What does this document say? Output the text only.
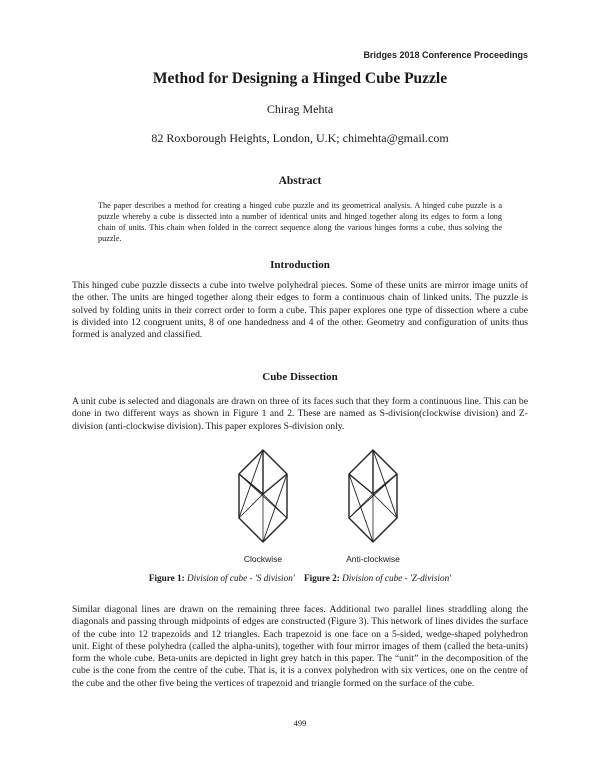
Bridges 2018 Conference Proceedings
Method for Designing a Hinged Cube Puzzle
Chirag Mehta
82 Roxborough Heights, London, U.K; chimehta@gmail.com
Abstract
The paper describes a method for creating a hinged cube puzzle and its geometrical analysis. A hinged cube puzzle is a puzzle whereby a cube is dissected into a number of identical units and hinged together along its edges to form a long chain of units. This chain when folded in the correct sequence along the various hinges forms a cube, thus solving the puzzle.
Introduction
This hinged cube puzzle dissects a cube into twelve polyhedral pieces. Some of these units are mirror image units of the other. The units are hinged together along their edges to form a continuous chain of linked units. The puzzle is solved by folding units in their correct order to form a cube. This paper explores one type of dissection where a cube is divided into 12 congruent units, 8 of one handedness and 4 of the other. Geometry and configuration of units thus formed is analyzed and classified.
Cube Dissection
A unit cube is selected and diagonals are drawn on three of its faces such that they form a continuous line. This can be done in two different ways as shown in Figure 1 and 2. These are named as S-division(clockwise division) and Z-division (anti-clockwise division). This paper explores S-division only.
Clockwise	Anti-clockwise
Figure 1: Division of cube - 'S division' Figure 2: Division of cube - 'Z-division'
Similar diagonal lines are drawn on the remaining three faces. Additional two parallel lines straddling along the diagonals and passing through midpoints of edges are constructed (Figure 3). This network of lines divides the surface of the cube into 12 trapezoids and 12 triangles. Each trapezoid is one face on a 5-sided, wedge-shaped polyhedron unit. Eight of these polyhedra (called the alpha-units), together with four mirror images of them (called the beta-units) form the whole cube. Beta-units are depicted in light grey hatch in this paper. The “unit” in the decomposition of the cube is the cone from the centre of the cube. That is, it is a convex polyhedron with six vertices, one on the centre of the cube and the other five being the vertices of trapezoid and triangle formed on the surface of the cube.
499
